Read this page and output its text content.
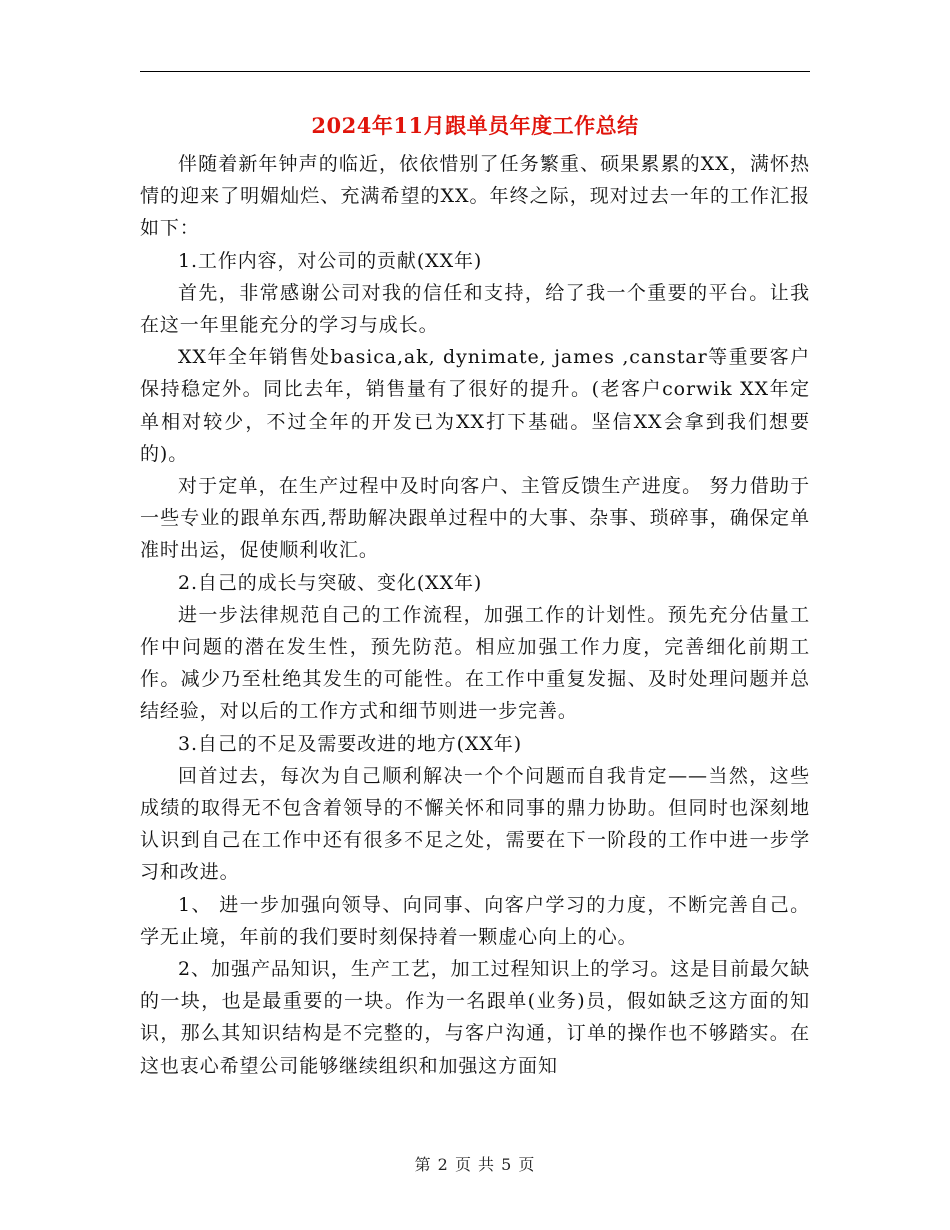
2024年11月跟单员年度工作总结

伴随着新年钟声的临近，依依惜别了任务繁重、硕果累累的XX，满怀热情的迎来了明媚灿烂、充满希望的XX。年终之际，现对过去一年的工作汇报如下：

1.工作内容，对公司的贡献(XX年)

首先，非常感谢公司对我的信任和支持，给了我一个重要的平台。让我在这一年里能充分的学习与成长。

XX年全年销售处basica,ak, dynimate, james ,canstar等重要客户保持稳定外。同比去年，销售量有了很好的提升。(老客户corwik XX年定单相对较少，不过全年的开发已为XX打下基础。坚信XX会拿到我们想要的)。

对于定单，在生产过程中及时向客户、主管反馈生产进度。 努力借助于一些专业的跟单东西,帮助解决跟单过程中的大事、杂事、琐碎事，确保定单准时出运，促使顺利收汇。

2.自己的成长与突破、变化(XX年)

进一步法律规范自己的工作流程，加强工作的计划性。预先充分估量工作中问题的潜在发生性，预先防范。相应加强工作力度，完善细化前期工作。减少乃至杜绝其发生的可能性。在工作中重复发掘、及时处理问题并总结经验，对以后的工作方式和细节则进一步完善。

3.自己的不足及需要改进的地方(XX年)

回首过去，每次为自己顺利解决一个个问题而自我肯定——当然，这些成绩的取得无不包含着领导的不懈关怀和同事的鼎力协助。但同时也深刻地认识到自己在工作中还有很多不足之处，需要在下一阶段的工作中进一步学习和改进。

1、 进一步加强向领导、向同事、向客户学习的力度，不断完善自己。学无止境，年前的我们要时刻保持着一颗虚心向上的心。

2、加强产品知识，生产工艺，加工过程知识上的学习。这是目前最欠缺的一块，也是最重要的一块。作为一名跟单(业务)员，假如缺乏这方面的知识，那么其知识结构是不完整的，与客户沟通，订单的操作也不够踏实。在这也衷心希望公司能够继续组织和加强这方面知

第 2 页 共 5 页
